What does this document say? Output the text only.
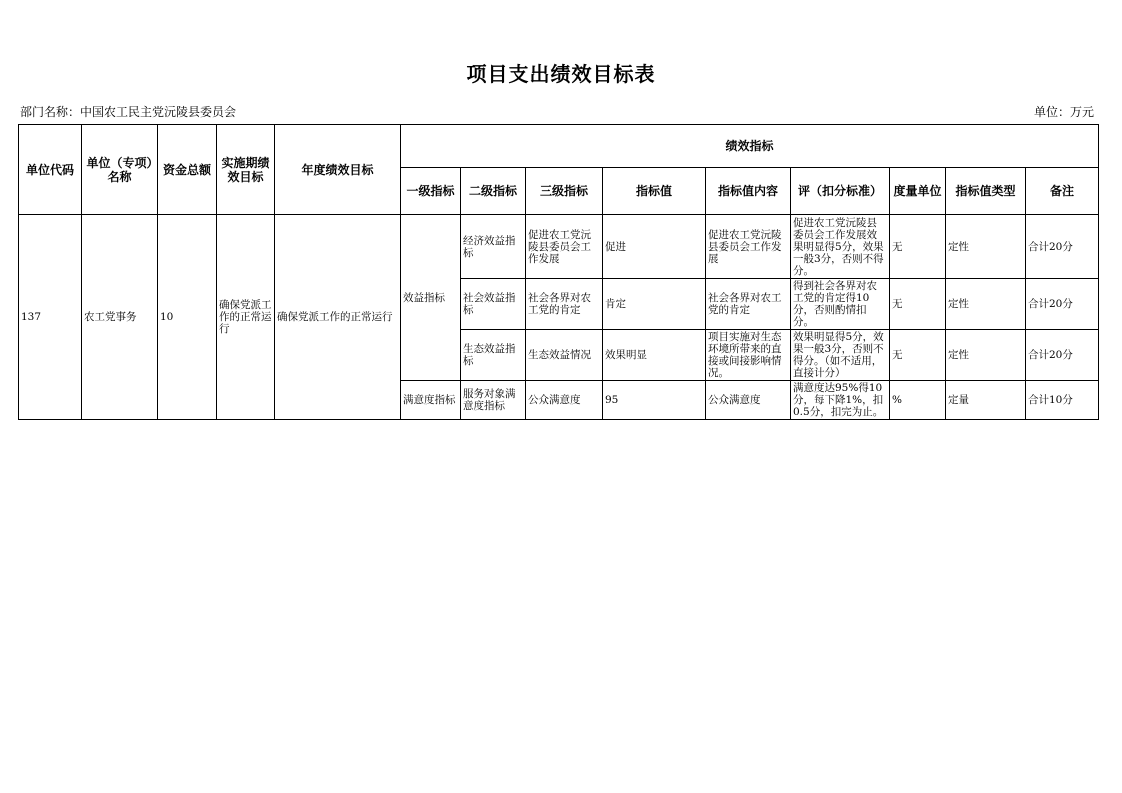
项目支出绩效目标表
部门名称：中国农工民主党沅陵县委员会	单位：万元
单位代码	单位（专项）名称	资金总额	实施期绩效目标	年度绩效目标	绩效指标								
					一级指标	二级指标	三级指标	指标值	指标值内容	评（扣分标准）	度量单位	指标值类型	备注
137	农工党事务	10	确保党派工作的正常运行	确保党派工作的正常运行	效益指标	经济效益指标	促进农工党沅陵县委员会工作发展	促进	促进农工党沅陵县委员会工作发展	促进农工党沅陵县委员会工作发展效果明显得5分，效果一般3分，否则不得分。	无	定性	合计20分
						社会效益指标	社会各界对农工党的肯定	肯定	社会各界对农工党的肯定	得到社会各界对农工党的肯定得10分，否则酌情扣分。	无	定性	合计20分
						生态效益指标	生态效益情况	效果明显	项目实施对生态环境所带来的直接或间接影响情况。	效果明显得5分，效果一般3分，否则不得分。（如不适用，直接计分）	无	定性	合计20分
					满意度指标	服务对象满意度指标	公众满意度	95	公众满意度	满意度达95%得10分，每下降1%，扣0.5分，扣完为止。	%	定量	合计10分
